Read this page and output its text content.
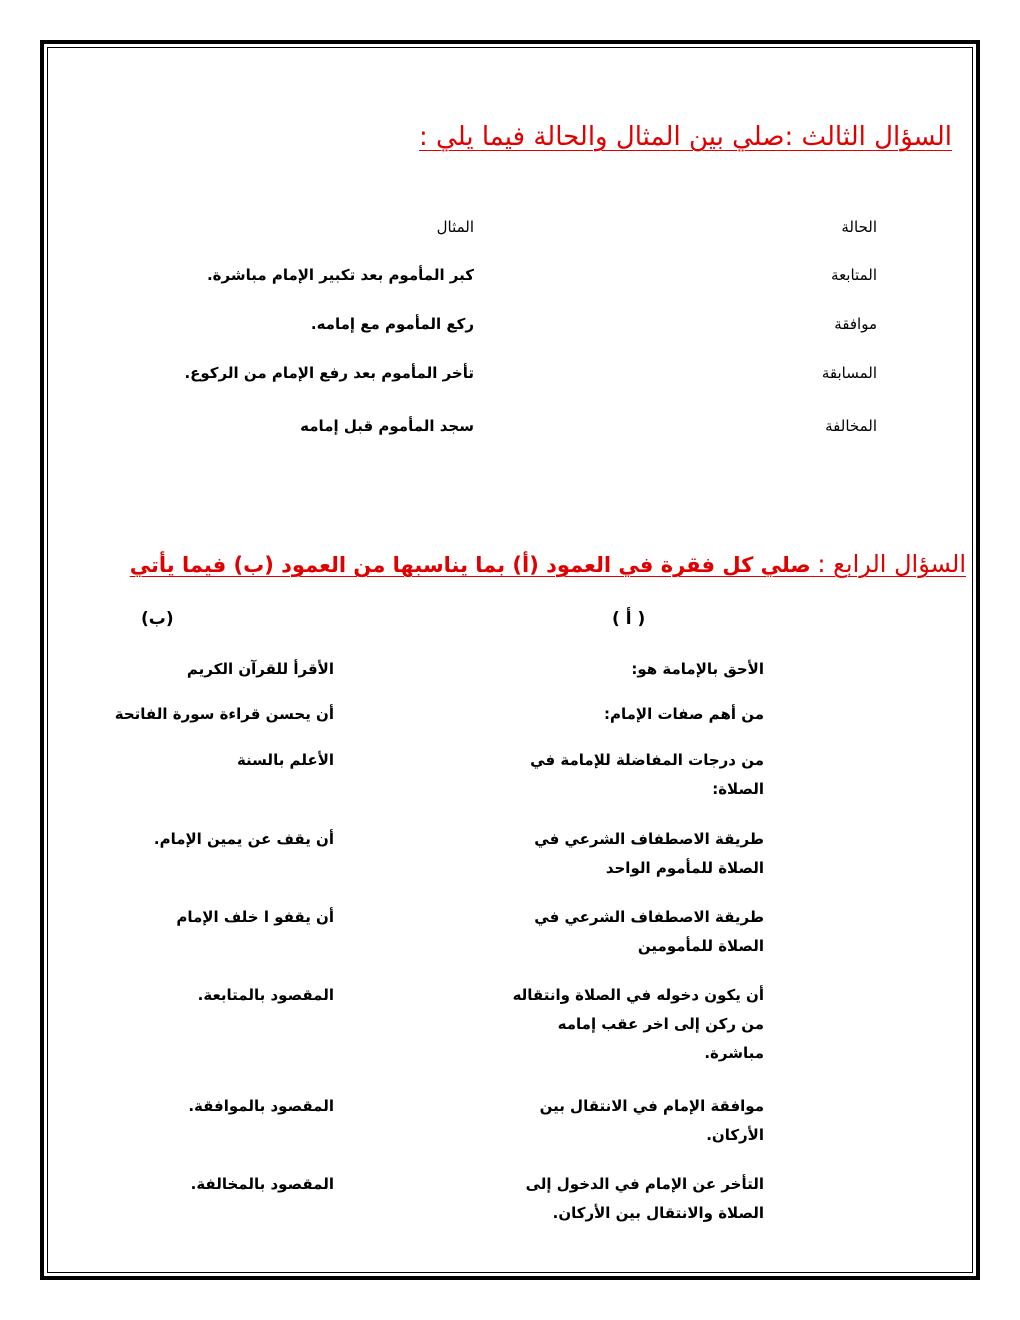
السؤال الثالث :صلي بين المثال والحالة فيما يلي :
الحالة
المثال
المتابعة
كبر المأموم بعد تكبير الإمام مباشرة.
موافقة
ركع المأموم مع إمامه.
المسابقة
تأخر المأموم بعد رفع الإمام من الركوع.
المخالفة
سجد المأموم قبل إمامه
السؤال الرابع : صلي كل فقرة في العمود (أ) بما يناسبها من العمود (ب) فيما يأتي
( أ )
(ب)
الأحق بالإمامة هو:
الأقرأ للقرآن الكريم
من أهم صفات الإمام:
أن يحسن قراءة سورة الفاتحة
من درجات المفاضلة للإمامة في الصلاة:
الأعلم بالسنة
طريقة الاصطفاف الشرعي في الصلاة للمأموم الواحد
أن يقف عن يمين الإمام.
طريقة الاصطفاف الشرعي في الصلاة للمأمومين
أن يقفو ا خلف الإمام
أن يكون دخوله في الصلاة وانتقاله من ركن إلى اخر عقب إمامه مباشرة.
المقصود بالمتابعة.
موافقة الإمام في الانتقال بين الأركان.
المقصود بالموافقة.
التأخر عن الإمام في الدخول إلى الصلاة والانتقال بين الأركان.
المقصود بالمخالفة.
